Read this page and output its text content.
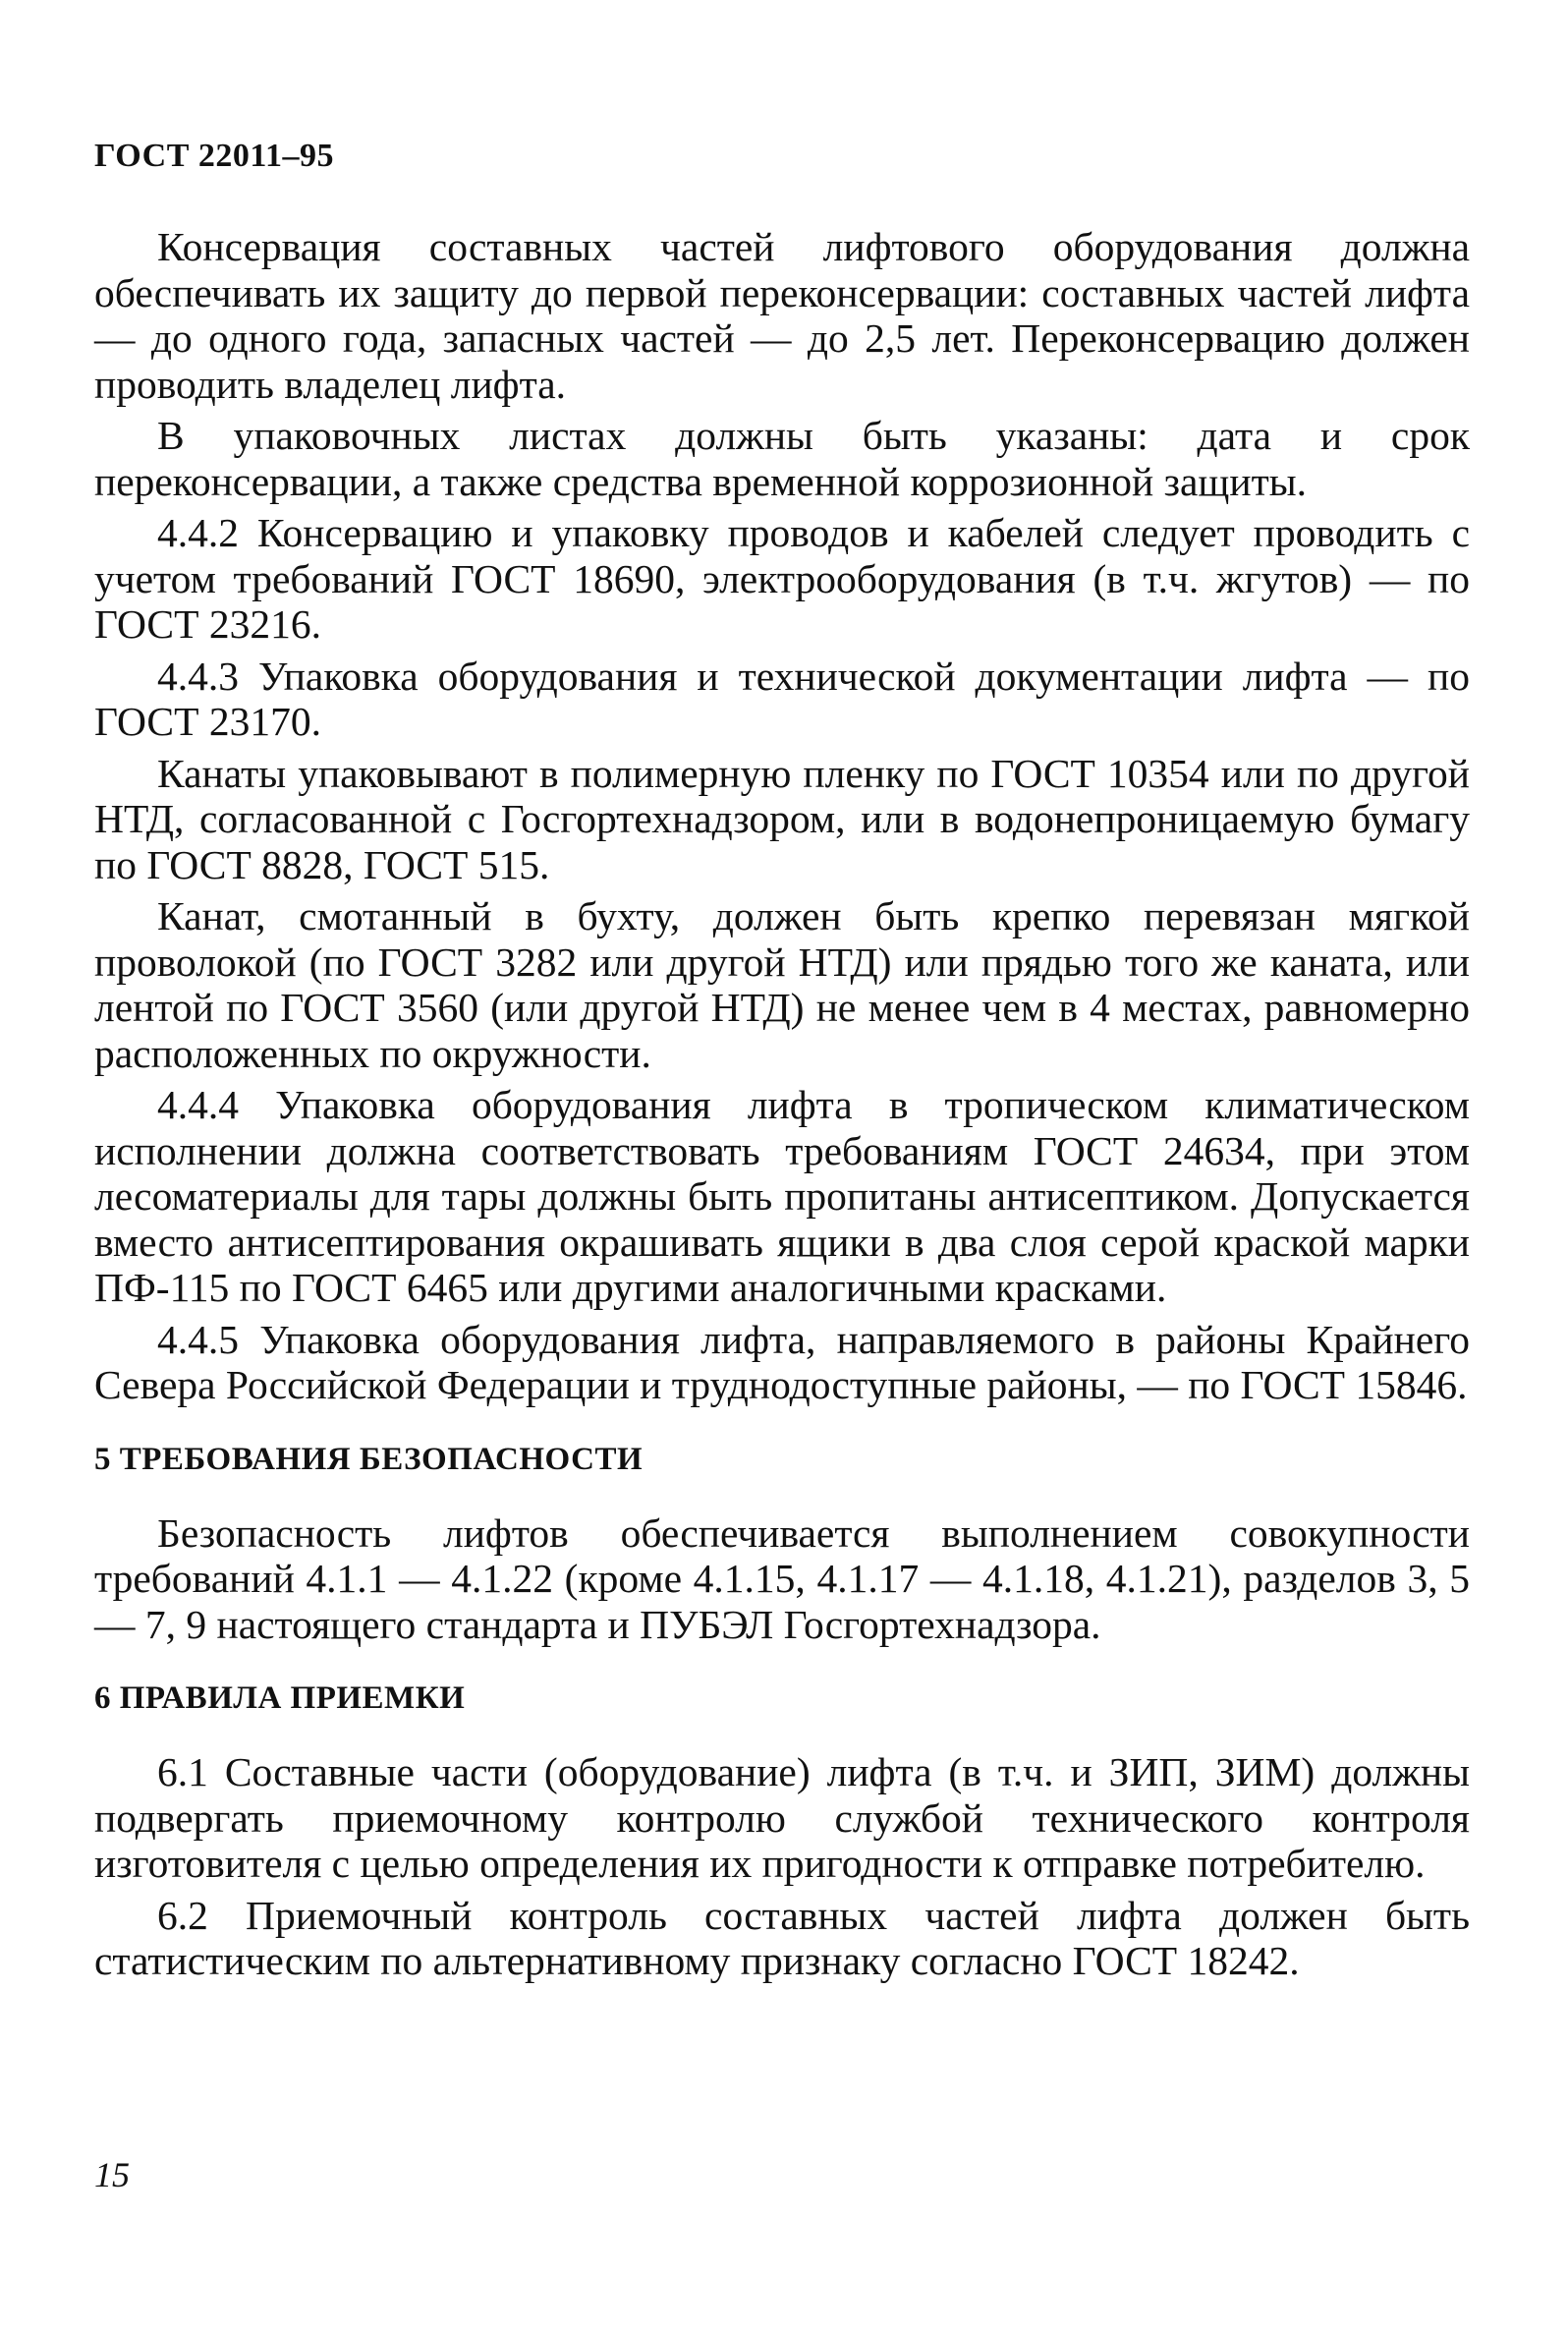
ГОСТ 22011–95

Консервация составных частей лифтового оборудования должна обеспечивать их защиту до первой переконсервации: составных частей лифта — до одного года, запасных частей — до 2,5 лет. Переконсервацию должен проводить владелец лифта.

В упаковочных листах должны быть указаны: дата и срок переконсервации, а также средства временной коррозионной защиты.

4.4.2 Консервацию и упаковку проводов и кабелей следует проводить с учетом требований ГОСТ 18690, электрооборудования (в т.ч. жгутов) — по ГОСТ 23216.

4.4.3 Упаковка оборудования и технической документации лифта — по ГОСТ 23170.

Канаты упаковывают в полимерную пленку по ГОСТ 10354 или по другой НТД, согласованной с Госгортехнадзором, или в водонепроницаемую бумагу по ГОСТ 8828, ГОСТ 515.

Канат, смотанный в бухту, должен быть крепко перевязан мягкой проволокой (по ГОСТ 3282 или другой НТД) или прядью того же каната, или лентой по ГОСТ 3560 (или другой НТД) не менее чем в 4 местах, равномерно расположенных по окружности.

4.4.4 Упаковка оборудования лифта в тропическом климатическом исполнении должна соответствовать требованиям ГОСТ 24634, при этом лесоматериалы для тары должны быть пропитаны антисептиком. Допускается вместо антисептирования окрашивать ящики в два слоя серой краской марки ПФ-115 по ГОСТ 6465 или другими аналогичными красками.

4.4.5 Упаковка оборудования лифта, направляемого в районы Крайнего Севера Российской Федерации и труднодоступные районы, — по ГОСТ 15846.

5 ТРЕБОВАНИЯ БЕЗОПАСНОСТИ

Безопасность лифтов обеспечивается выполнением совокупности требований 4.1.1 — 4.1.22 (кроме 4.1.15, 4.1.17 — 4.1.18, 4.1.21), разделов 3, 5 — 7, 9 настоящего стандарта и ПУБЭЛ Госгортехнадзора.

6 ПРАВИЛА ПРИЕМКИ

6.1 Составные части (оборудование) лифта (в т.ч. и ЗИП, ЗИМ) должны подвергать приемочному контролю службой технического контроля изготовителя с целью определения их пригодности к отправке потребителю.

6.2 Приемочный контроль составных частей лифта должен быть статистическим по альтернативному признаку согласно ГОСТ 18242.

15
